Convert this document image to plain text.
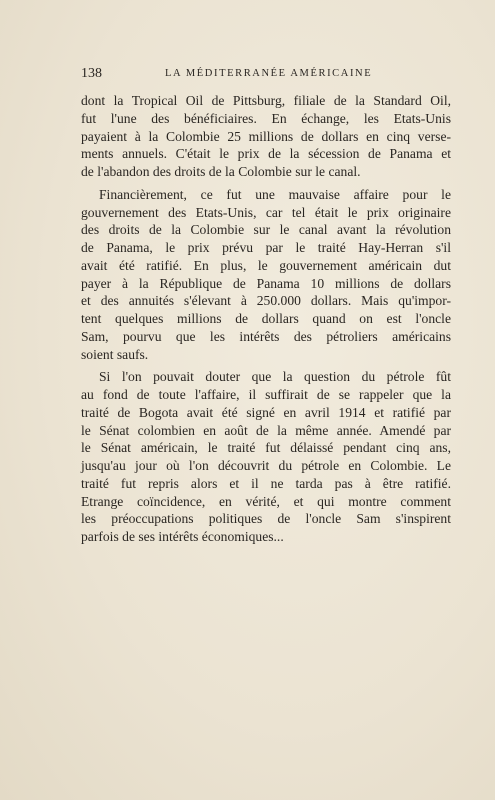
138	LA MÉDITERRANÉE AMÉRICAINE
dont la Tropical Oil de Pittsburg, filiale de la Standard Oil,
fut l'une des bénéficiaires. En échange, les Etats-Unis
payaient à la Colombie 25 millions de dollars en cinq verse-
ments annuels. C'était le prix de la sécession de Panama et
de l'abandon des droits de la Colombie sur le canal.
Financièrement, ce fut une mauvaise affaire pour le
gouvernement des Etats-Unis, car tel était le prix originaire
des droits de la Colombie sur le canal avant la révolution
de Panama, le prix prévu par le traité Hay-Herran s'il
avait été ratifié. En plus, le gouvernement américain dut
payer à la République de Panama 10 millions de dollars
et des annuités s'élevant à 250.000 dollars. Mais qu'impor-
tent quelques millions de dollars quand on est l'oncle
Sam, pourvu que les intérêts des pétroliers américains
soient saufs.
Si l'on pouvait douter que la question du pétrole fût
au fond de toute l'affaire, il suffirait de se rappeler que la
traité de Bogota avait été signé en avril 1914 et ratifié par
le Sénat colombien en août de la même année. Amendé par
le Sénat américain, le traité fut délaissé pendant cinq ans,
jusqu'au jour où l'on découvrit du pétrole en Colombie. Le
traité fut repris alors et il ne tarda pas à être ratifié.
Etrange coïncidence, en vérité, et qui montre comment
les préoccupations politiques de l'oncle Sam s'inspirent
parfois de ses intérêts économiques...
